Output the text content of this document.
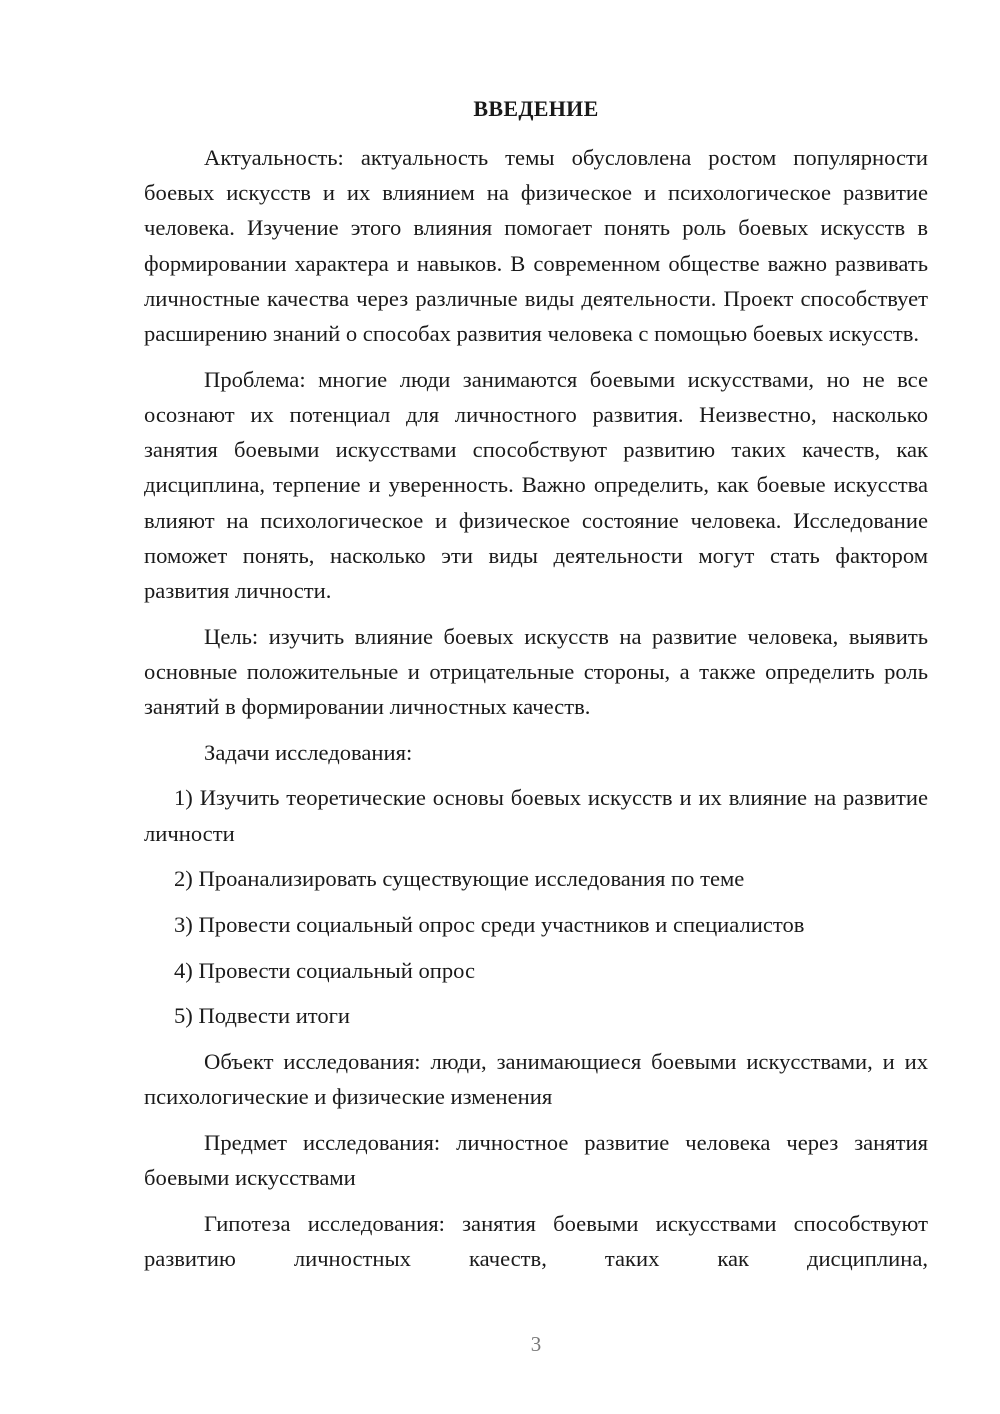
ВВЕДЕНИЕ

Актуальность: актуальность темы обусловлена ростом популярности боевых искусств и их влиянием на физическое и психологическое развитие человека. Изучение этого влияния помогает понять роль боевых искусств в формировании характера и навыков. В современном обществе важно развивать личностные качества через различные виды деятельности. Проект способствует расширению знаний о способах развития человека с помощью боевых искусств.

Проблема: многие люди занимаются боевыми искусствами, но не все осознают их потенциал для личностного развития. Неизвестно, насколько занятия боевыми искусствами способствуют развитию таких качеств, как дисциплина, терпение и уверенность. Важно определить, как боевые искусства влияют на психологическое и физическое состояние человека. Исследование поможет понять, насколько эти виды деятельности могут стать фактором развития личности.

Цель: изучить влияние боевых искусств на развитие человека, выявить основные положительные и отрицательные стороны, а также определить роль занятий в формировании личностных качеств.

Задачи исследования:

1) Изучить теоретические основы боевых искусств и их влияние на развитие личности

2) Проанализировать существующие исследования по теме

3) Провести социальный опрос среди участников и специалистов

4) Провести социальный опрос

5) Подвести итоги

Объект исследования: люди, занимающиеся боевыми искусствами, и их психологические и физические изменения

Предмет исследования: личностное развитие человека через занятия боевыми искусствами

Гипотеза исследования: занятия боевыми искусствами способствуют развитию личностных качеств, таких как дисциплина,

3
